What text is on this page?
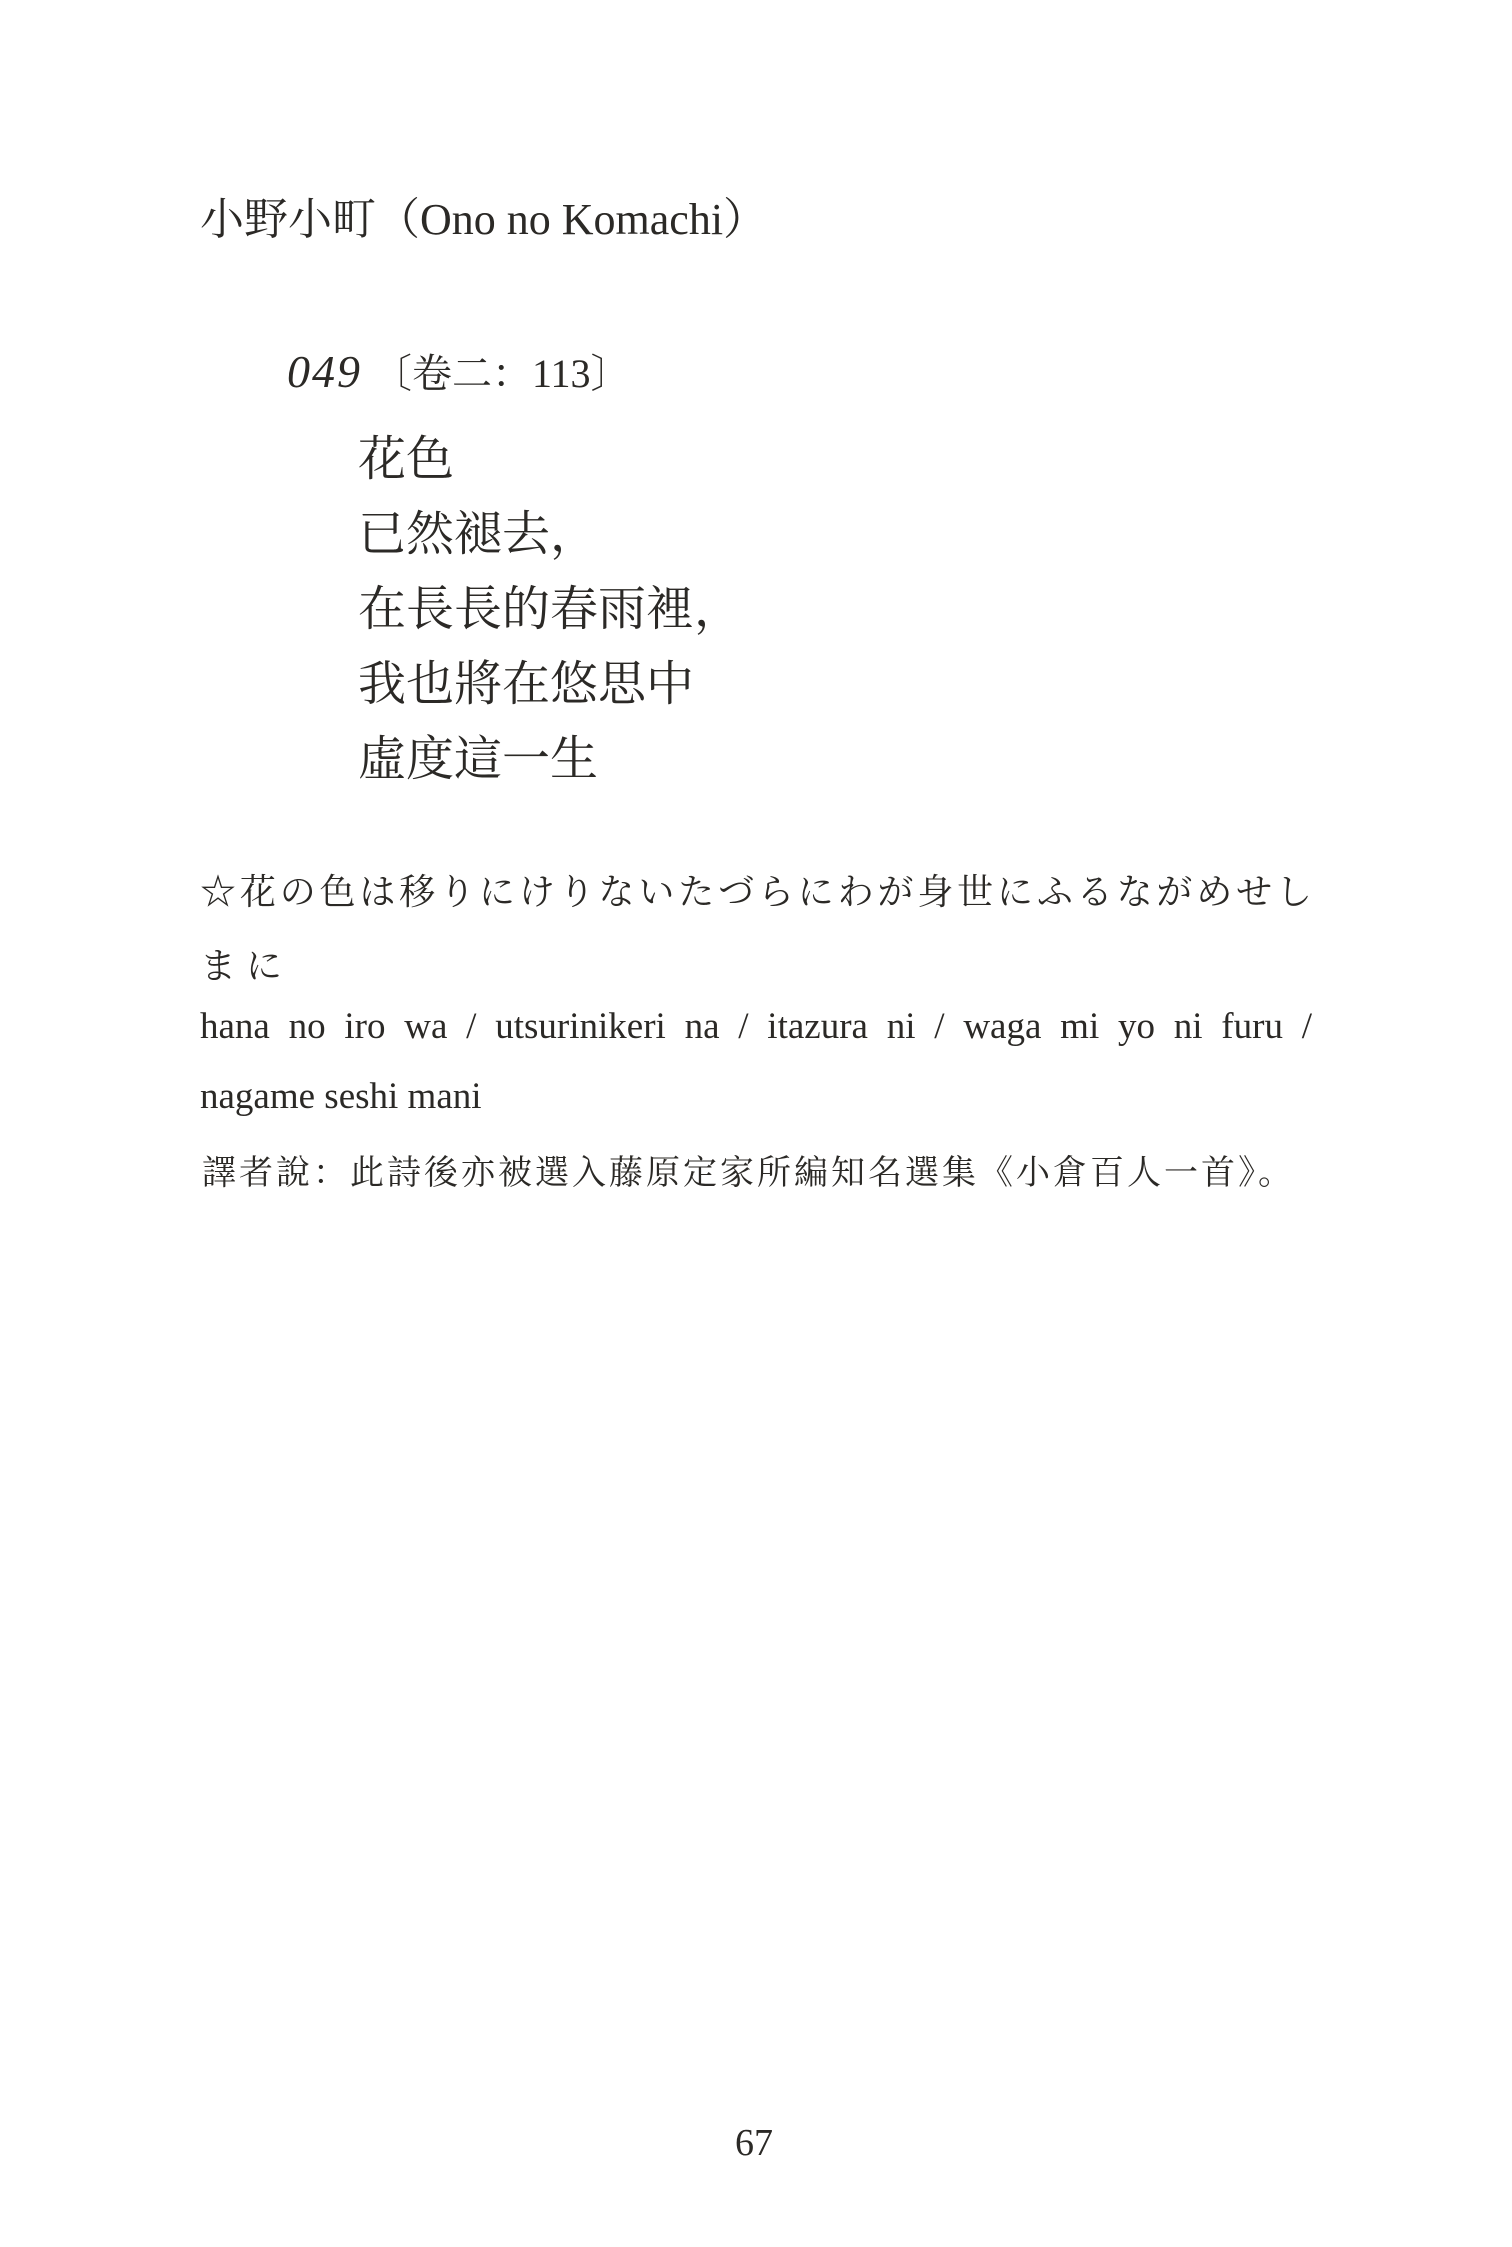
小野小町（Ono no Komachi）
049 〔卷二：113〕
花色
已然褪去，
在長長的春雨裡，
我也將在悠思中
虛度這一生
☆花の色は移りにけりないたづらにわが身世にふるながめせし
まに
hana no iro wa / utsurinikeri na / itazura ni / waga mi yo ni furu /
nagame seshi mani
譯者說：此詩後亦被選入藤原定家所編知名選集《小倉百人一首》。
67
